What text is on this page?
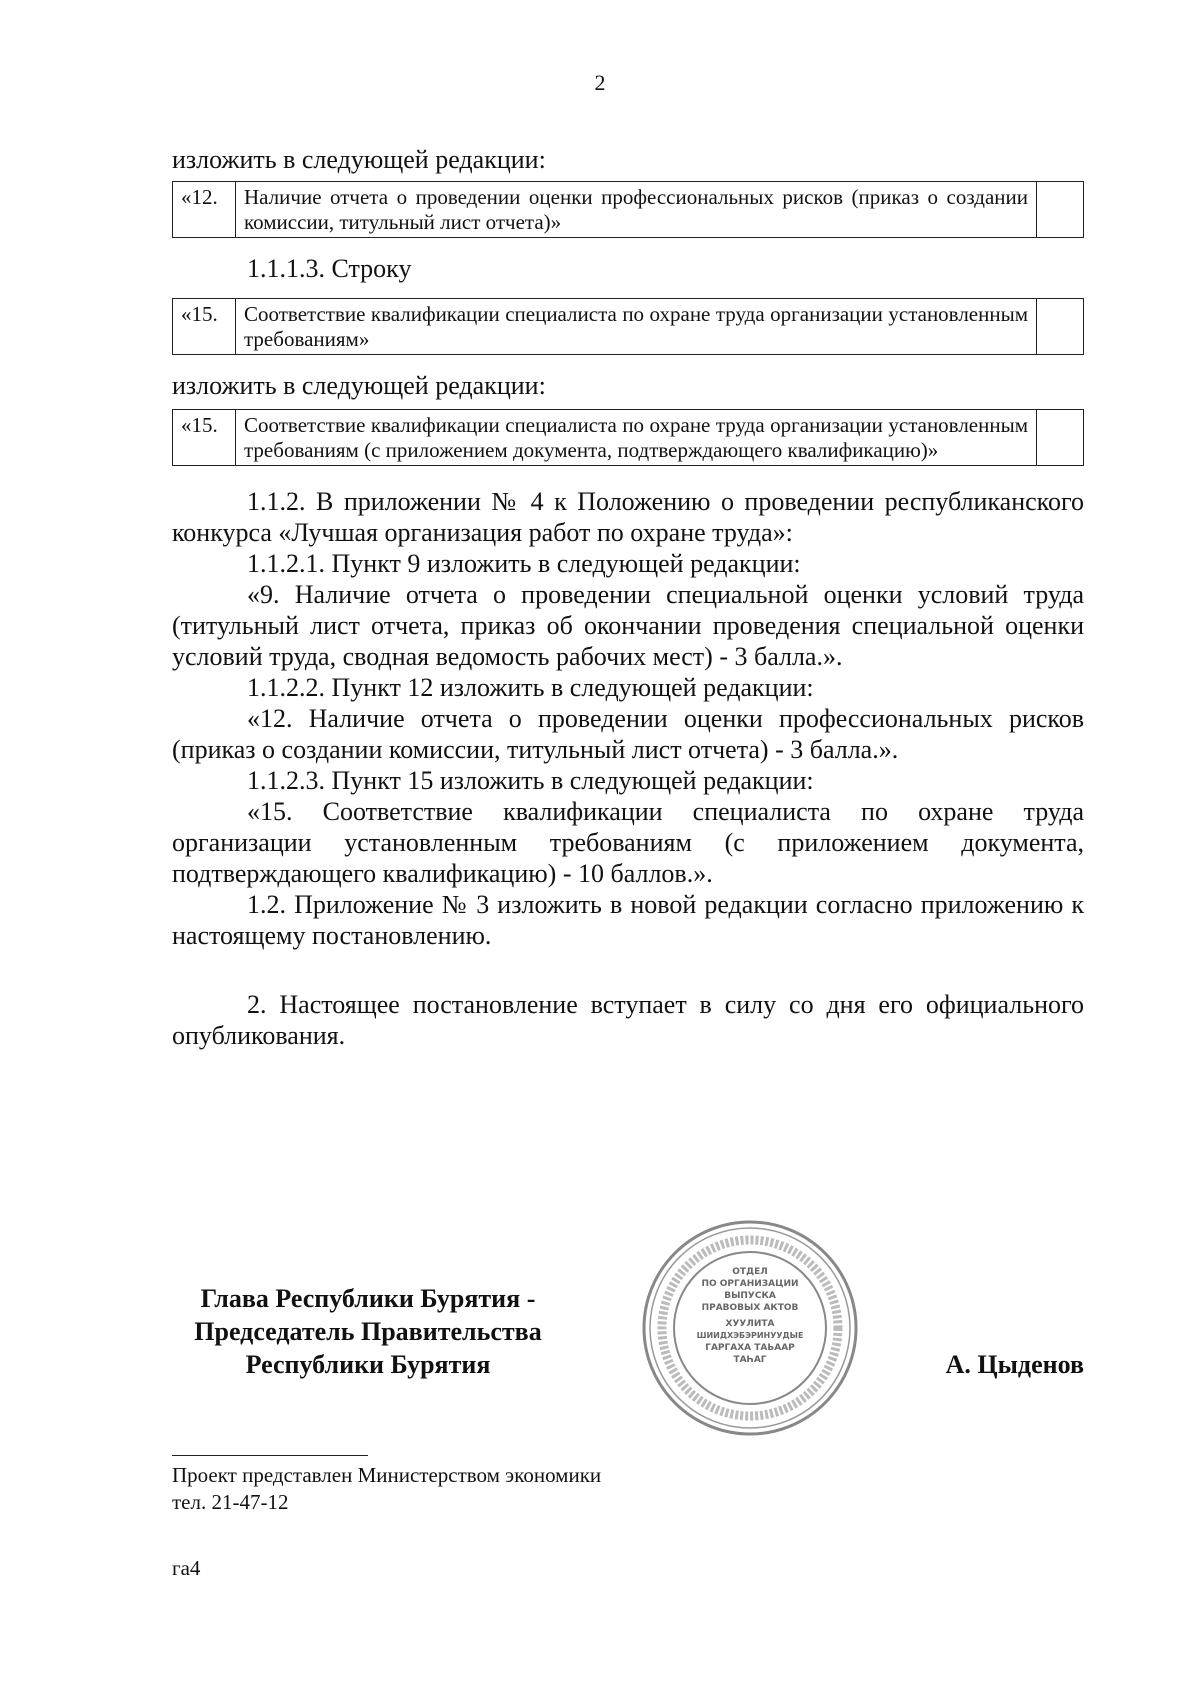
2

изложить в следующей редакции:

«12.	Наличие отчета о проведении оценки профессиональных рисков (приказ о создании комиссии, титульный лист отчета)»	

1.1.1.3. Строку

«15.	Соответствие квалификации специалиста по охране труда организации установленным требованиям»	

изложить в следующей редакции:

«15.	Соответствие квалификации специалиста по охране труда организации установленным требованиям (с приложением документа, подтверждающего квалификацию)»	

1.1.2. В приложении № 4 к Положению о проведении республиканского конкурса «Лучшая организация работ по охране труда»:

1.1.2.1. Пункт 9 изложить в следующей редакции:

«9. Наличие отчета о проведении специальной оценки условий труда (титульный лист отчета, приказ об окончании проведения специальной оценки условий труда, сводная ведомость рабочих мест) - 3 балла.».

1.1.2.2. Пункт 12 изложить в следующей редакции:

«12. Наличие отчета о проведении оценки профессиональных рисков (приказ о создании комиссии, титульный лист отчета) - 3 балла.».

1.1.2.3. Пункт 15 изложить в следующей редакции:

«15. Соответствие квалификации специалиста по охране труда организации установленным требованиям (с приложением документа, подтверждающего квалификацию) - 10 баллов.».

1.2. Приложение № 3 изложить в новой редакции согласно приложению к настоящему постановлению.

2. Настоящее постановление вступает в силу со дня его официального опубликования.

Глава Республики Бурятия -
Председатель Правительства
Республики Бурятия	А. Цыденов
ОТДЕЛ
ПО ОРГАНИЗАЦИИ
ВЫПУСКА
ПРАВОВЫХ АКТОВ
ХУУЛИТА
ШИИДХЭБЭРИНУУДЫЕ
ГАРГАХА ТАЬААР
ТАҺАГ
Проект представлен Министерством экономики
тел. 21-47-12
га4
